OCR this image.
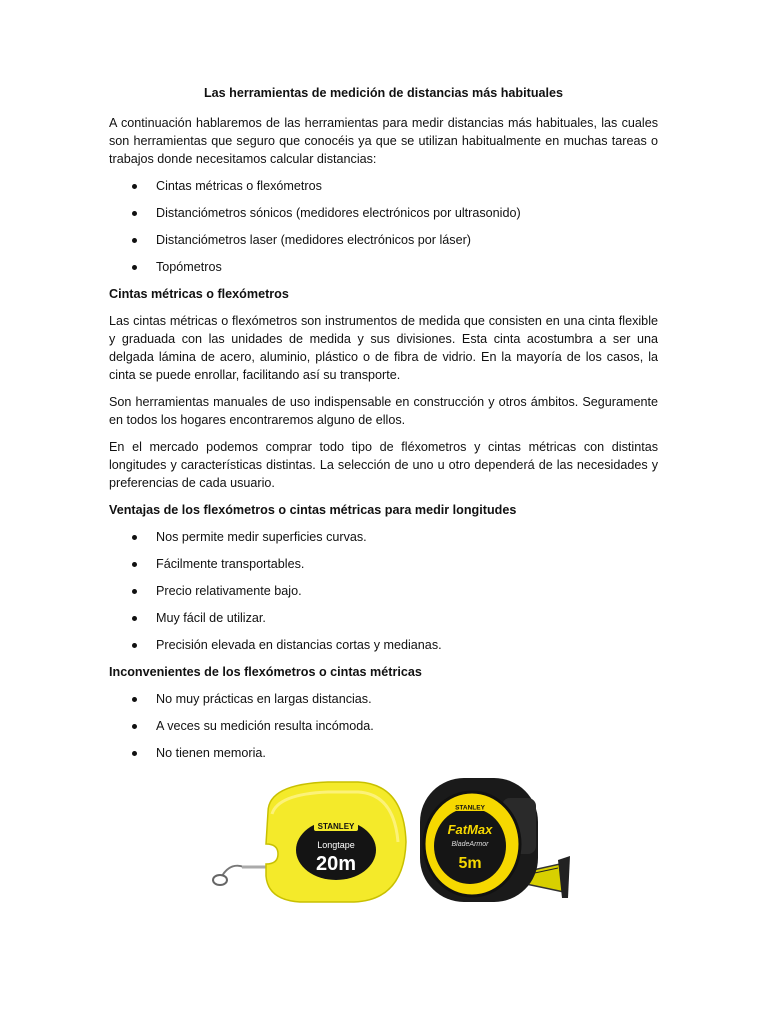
Las herramientas de medición de distancias más habituales

A continuación hablaremos de las herramientas para medir distancias más habituales, las cuales son herramientas que seguro que conocéis ya que se utilizan habitualmente en muchas tareas o trabajos donde necesitamos calcular distancias:

Cintas métricas o flexómetros
Distanciómetros sónicos (medidores electrónicos por ultrasonido)
Distanciómetros laser (medidores electrónicos por láser)
Topómetros
Cintas métricas o flexómetros

Las cintas métricas o flexómetros son instrumentos de medida que consisten en una cinta flexible y graduada con las unidades de medida y sus divisiones. Esta cinta acostumbra a ser una delgada lámina de acero, aluminio, plástico o de fibra de vidrio. En la mayoría de los casos, la cinta se puede enrollar, facilitando así su transporte.

Son herramientas manuales de uso indispensable en construcción y otros ámbitos. Seguramente en todos los hogares encontraremos alguno de ellos.

En el mercado podemos comprar todo tipo de fléxometros y cintas métricas con distintas longitudes y características distintas. La selección de uno u otro dependerá de las necesidades y preferencias de cada usuario.

Ventajas de los flexómetros o cintas métricas para medir longitudes
Nos permite medir superficies curvas.
Fácilmente transportables.
Precio relativamente bajo.
Muy fácil de utilizar.
Precisión elevada en distancias cortas y medianas.
Inconvenientes de los flexómetros o cintas métricas
No muy prácticas en largas distancias.
A veces su medición resulta incómoda.
No tienen memoria.
STANLEY
Longtape
20m
STANLEY
FatMax
BladeArmor
5m
